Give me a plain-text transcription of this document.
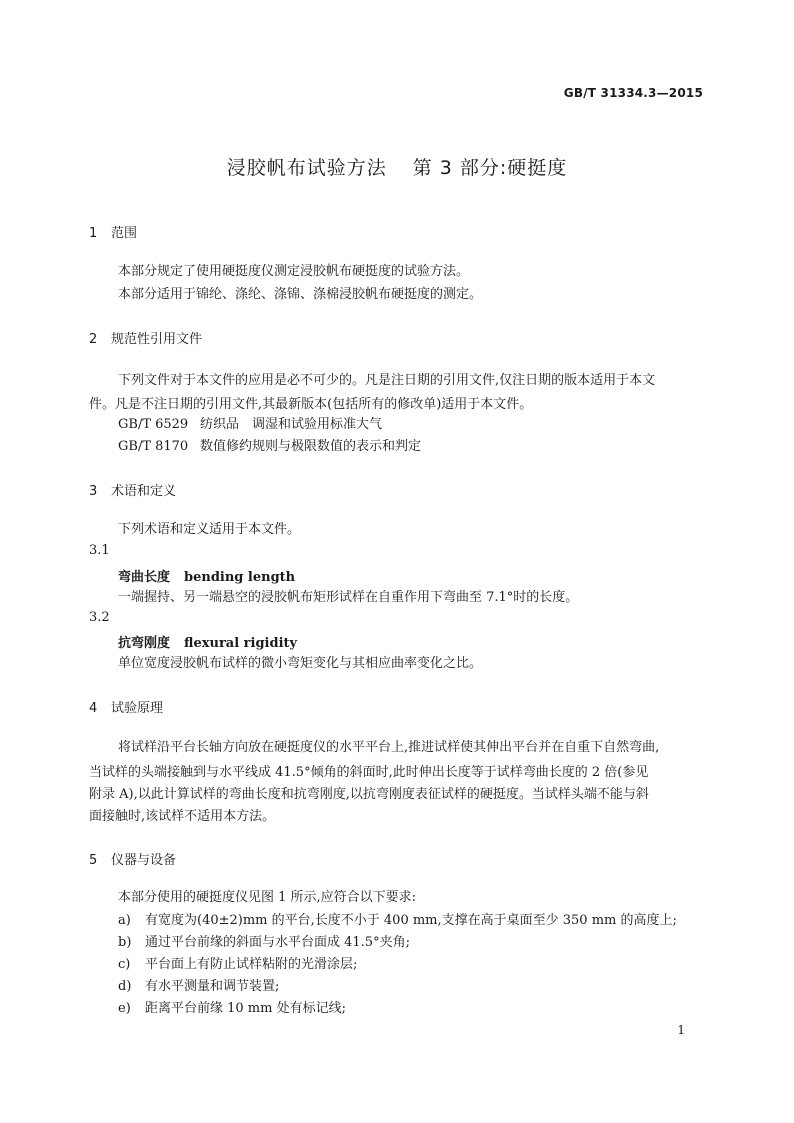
GB/T 31334.3—2015
浸胶帆布试验方法 第 3 部分:硬挺度
1 范围
本部分规定了使用硬挺度仪测定浸胶帆布硬挺度的试验方法。
本部分适用于锦纶、涤纶、涤锦、涤棉浸胶帆布硬挺度的测定。
2 规范性引用文件
下列文件对于本文件的应用是必不可少的。凡是注日期的引用文件,仅注日期的版本适用于本文
件。凡是不注日期的引用文件,其最新版本(包括所有的修改单)适用于本文件。
GB/T 6529 纺织品　调湿和试验用标准大气
GB/T 8170 数值修约规则与极限数值的表示和判定
3 术语和定义
下列术语和定义适用于本文件。
3.1
弯曲长度 bending length
一端握持、另一端悬空的浸胶帆布矩形试样在自重作用下弯曲至 7.1°时的长度。
3.2
抗弯刚度 flexural rigidity
单位宽度浸胶帆布试样的微小弯矩变化与其相应曲率变化之比。
4 试验原理
将试样沿平台长轴方向放在硬挺度仪的水平平台上,推进试样使其伸出平台并在自重下自然弯曲,
当试样的头端接触到与水平线成 41.5°倾角的斜面时,此时伸出长度等于试样弯曲长度的 2 倍(参见
附录 A),以此计算试样的弯曲长度和抗弯刚度,以抗弯刚度表征试样的硬挺度。当试样头端不能与斜
面接触时,该试样不适用本方法。
5 仪器与设备
本部分使用的硬挺度仪见图 1 所示,应符合以下要求:
a) 有宽度为(40±2)mm 的平台,长度不小于 400 mm,支撑在高于桌面至少 350 mm 的高度上;
b) 通过平台前缘的斜面与水平台面成 41.5°夹角;
c) 平台面上有防止试样粘附的光滑涂层;
d) 有水平测量和调节装置;
e) 距离平台前缘 10 mm 处有标记线;
1
